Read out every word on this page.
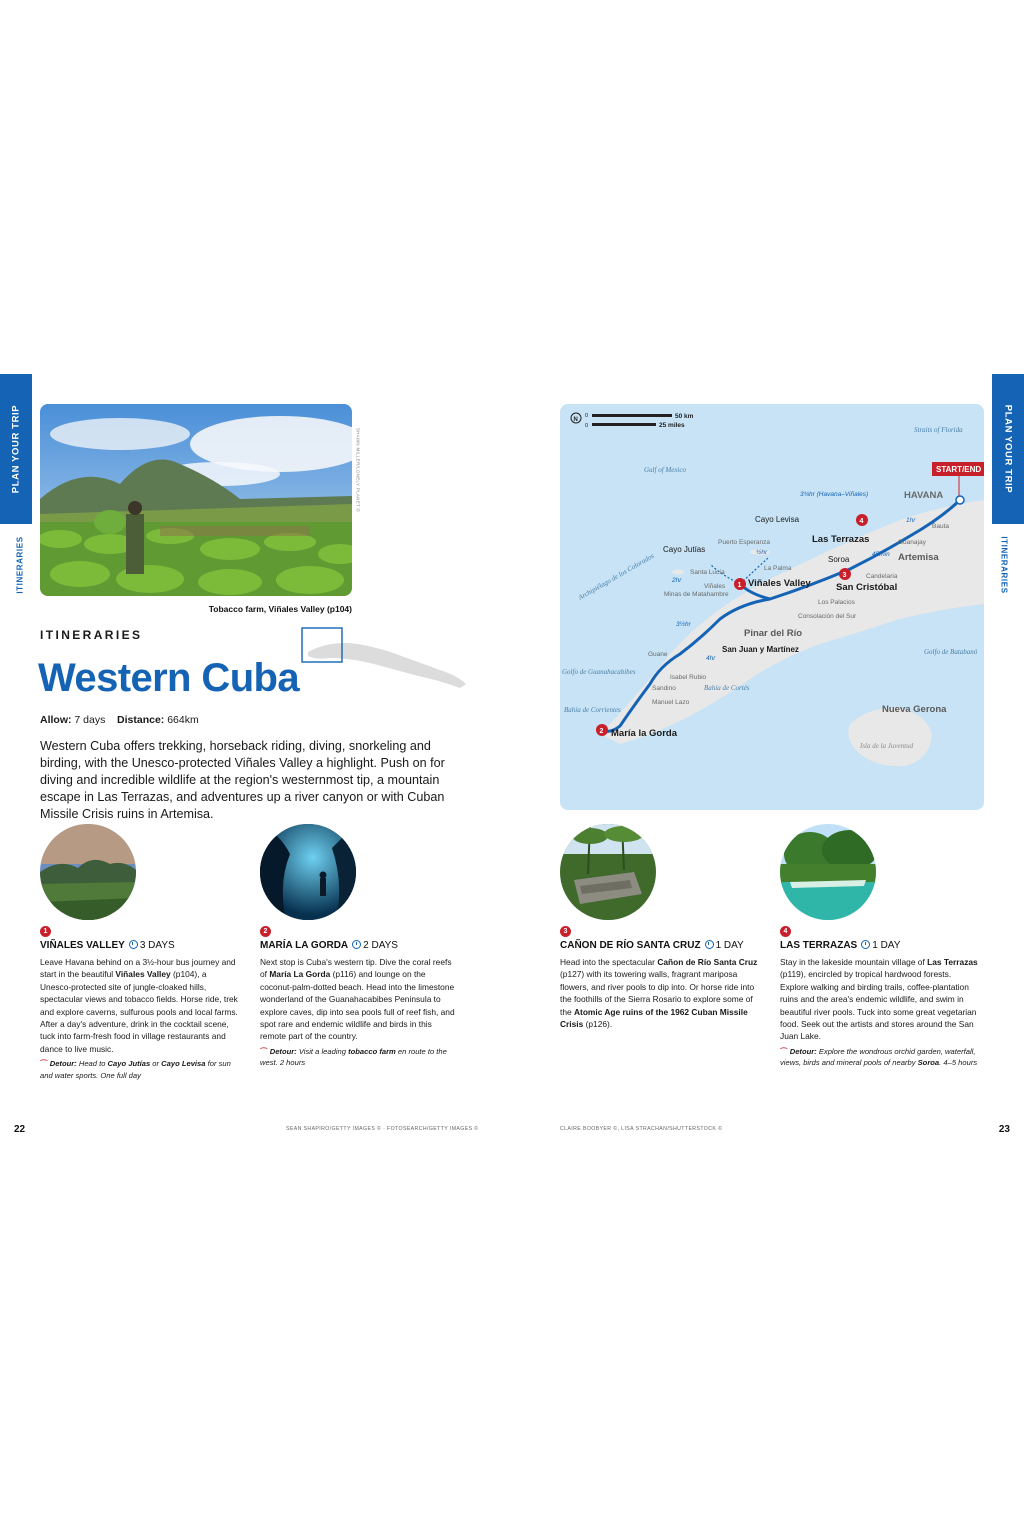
PLAN YOUR TRIP
ITINERARIES
SHAWN MILLER/LONELY PLANET ©
Tobacco farm, Viñales Valley (p104)
ITINERARIES
Western Cuba
Allow: 7 days Distance: 664km

Western Cuba offers trekking, horseback riding, diving, snorkeling and birding, with the Unesco-protected Viñales Valley a highlight. Push on for diving and incredible wildlife at the region's westernmost tip, a mountain escape in Las Terrazas, and adventures up a river canyon or with Cuban Missile Crisis ruins in Artemisa.

1
VIÑALES VALLEY 3 DAYS
Leave Havana behind on a 3½-hour bus journey and start in the beautiful Viñales Valley (p104), a Unesco-protected site of jungle-cloaked hills, spectacular views and tobacco fields. Horse ride, trek and explore caverns, sulfurous pools and local farms. After a day's adventure, drink in the cocktail scene, tuck into farm-fresh food in village restaurants and dance to live music.
⌒ Detour: Head to Cayo Jutías or Cayo Levisa for sun and water sports. One full day
2
MARÍA LA GORDA 2 DAYS
Next stop is Cuba's western tip. Dive the coral reefs of María La Gorda (p116) and lounge on the coconut-palm-dotted beach. Head into the limestone wonderland of the Guanahacabibes Peninsula to explore caves, dip into sea pools full of reef fish, and spot rare and endemic wildlife and birds in this remote part of the country.
⌒ Detour: Visit a leading tobacco farm en route to the west. 2 hours
3
CAÑON DE RÍO SANTA CRUZ 1 DAY
Head into the spectacular Cañon de Río Santa Cruz (p127) with its towering walls, fragrant mariposa flowers, and river pools to dip into. Or horse ride into the foothills of the Sierra Rosario to explore some of the Atomic Age ruins of the 1962 Cuban Missile Crisis (p126).
4
LAS TERRAZAS 1 DAY
Stay in the lakeside mountain village of Las Terrazas (p119), encircled by tropical hardwood forests. Explore walking and birding trails, coffee-plantation ruins and the area's endemic wildlife, and swim in beautiful river pools. Tuck into some great vegetarian food. Seek out the artists and stores around the San Juan Lake.
⌒ Detour: Explore the wondrous orchid garden, waterfall, views, birds and mineral pools of nearby Soroa. 4–5 hours
PLAN YOUR TRIP
ITINERARIES
N
0
0
50 km
25 miles
Straits of Florida
Gulf of Mexico
Golfo de Guanahacabibes
Bahía de Corrientes
Bahía de Cortés
Golfo de Batabanó
Archipiélago de los Colorados
START/END
1
2
3
4
HAVANA
Viñales Valley
Las Terrazas
San Cristóbal
Pinar del Río
San Juan y Martínez
María la Gorda
Nueva Gerona
Artemisa
Soroa
Cayo Jutías
Cayo Levisa
Bauta
Guanajay
Candelaria
Los Palacios
Consolación del Sur
La Palma
Puerto Esperanza
Santa Lucía
Viñales
Minas de Matahambre
Guane
Isabel Rubio
Sandino
Manuel Lazo
Isla de la Juventud
3¾hr (Havana–Viñales)
1hr
45min
½hr
2hr
3½hr
4hr
22	SEAN SHAPIRO/GETTY IMAGES © · FOTOSEARCH/GETTY IMAGES ©	CLAIRE BOOBYER ©, LISA STRACHAN/SHUTTERSTOCK ©	23
